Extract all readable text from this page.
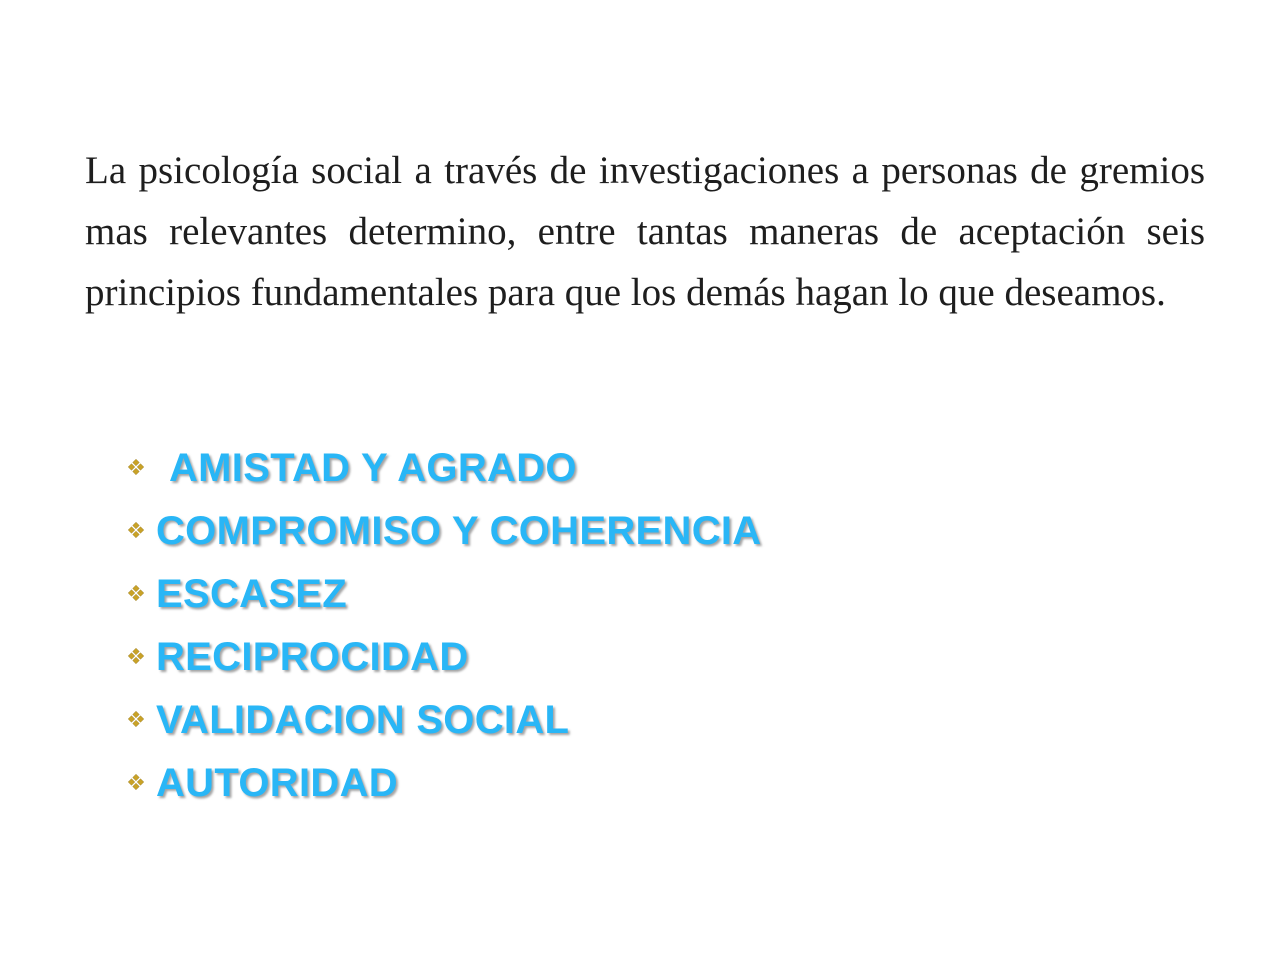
La psicología social a través de investigaciones a personas de gremios mas relevantes determino, entre tantas maneras de aceptación seis principios fundamentales para que los demás hagan lo que deseamos.

AMISTAD Y AGRADO
COMPROMISO Y COHERENCIA
ESCASEZ
RECIPROCIDAD
VALIDACION SOCIAL
AUTORIDAD
